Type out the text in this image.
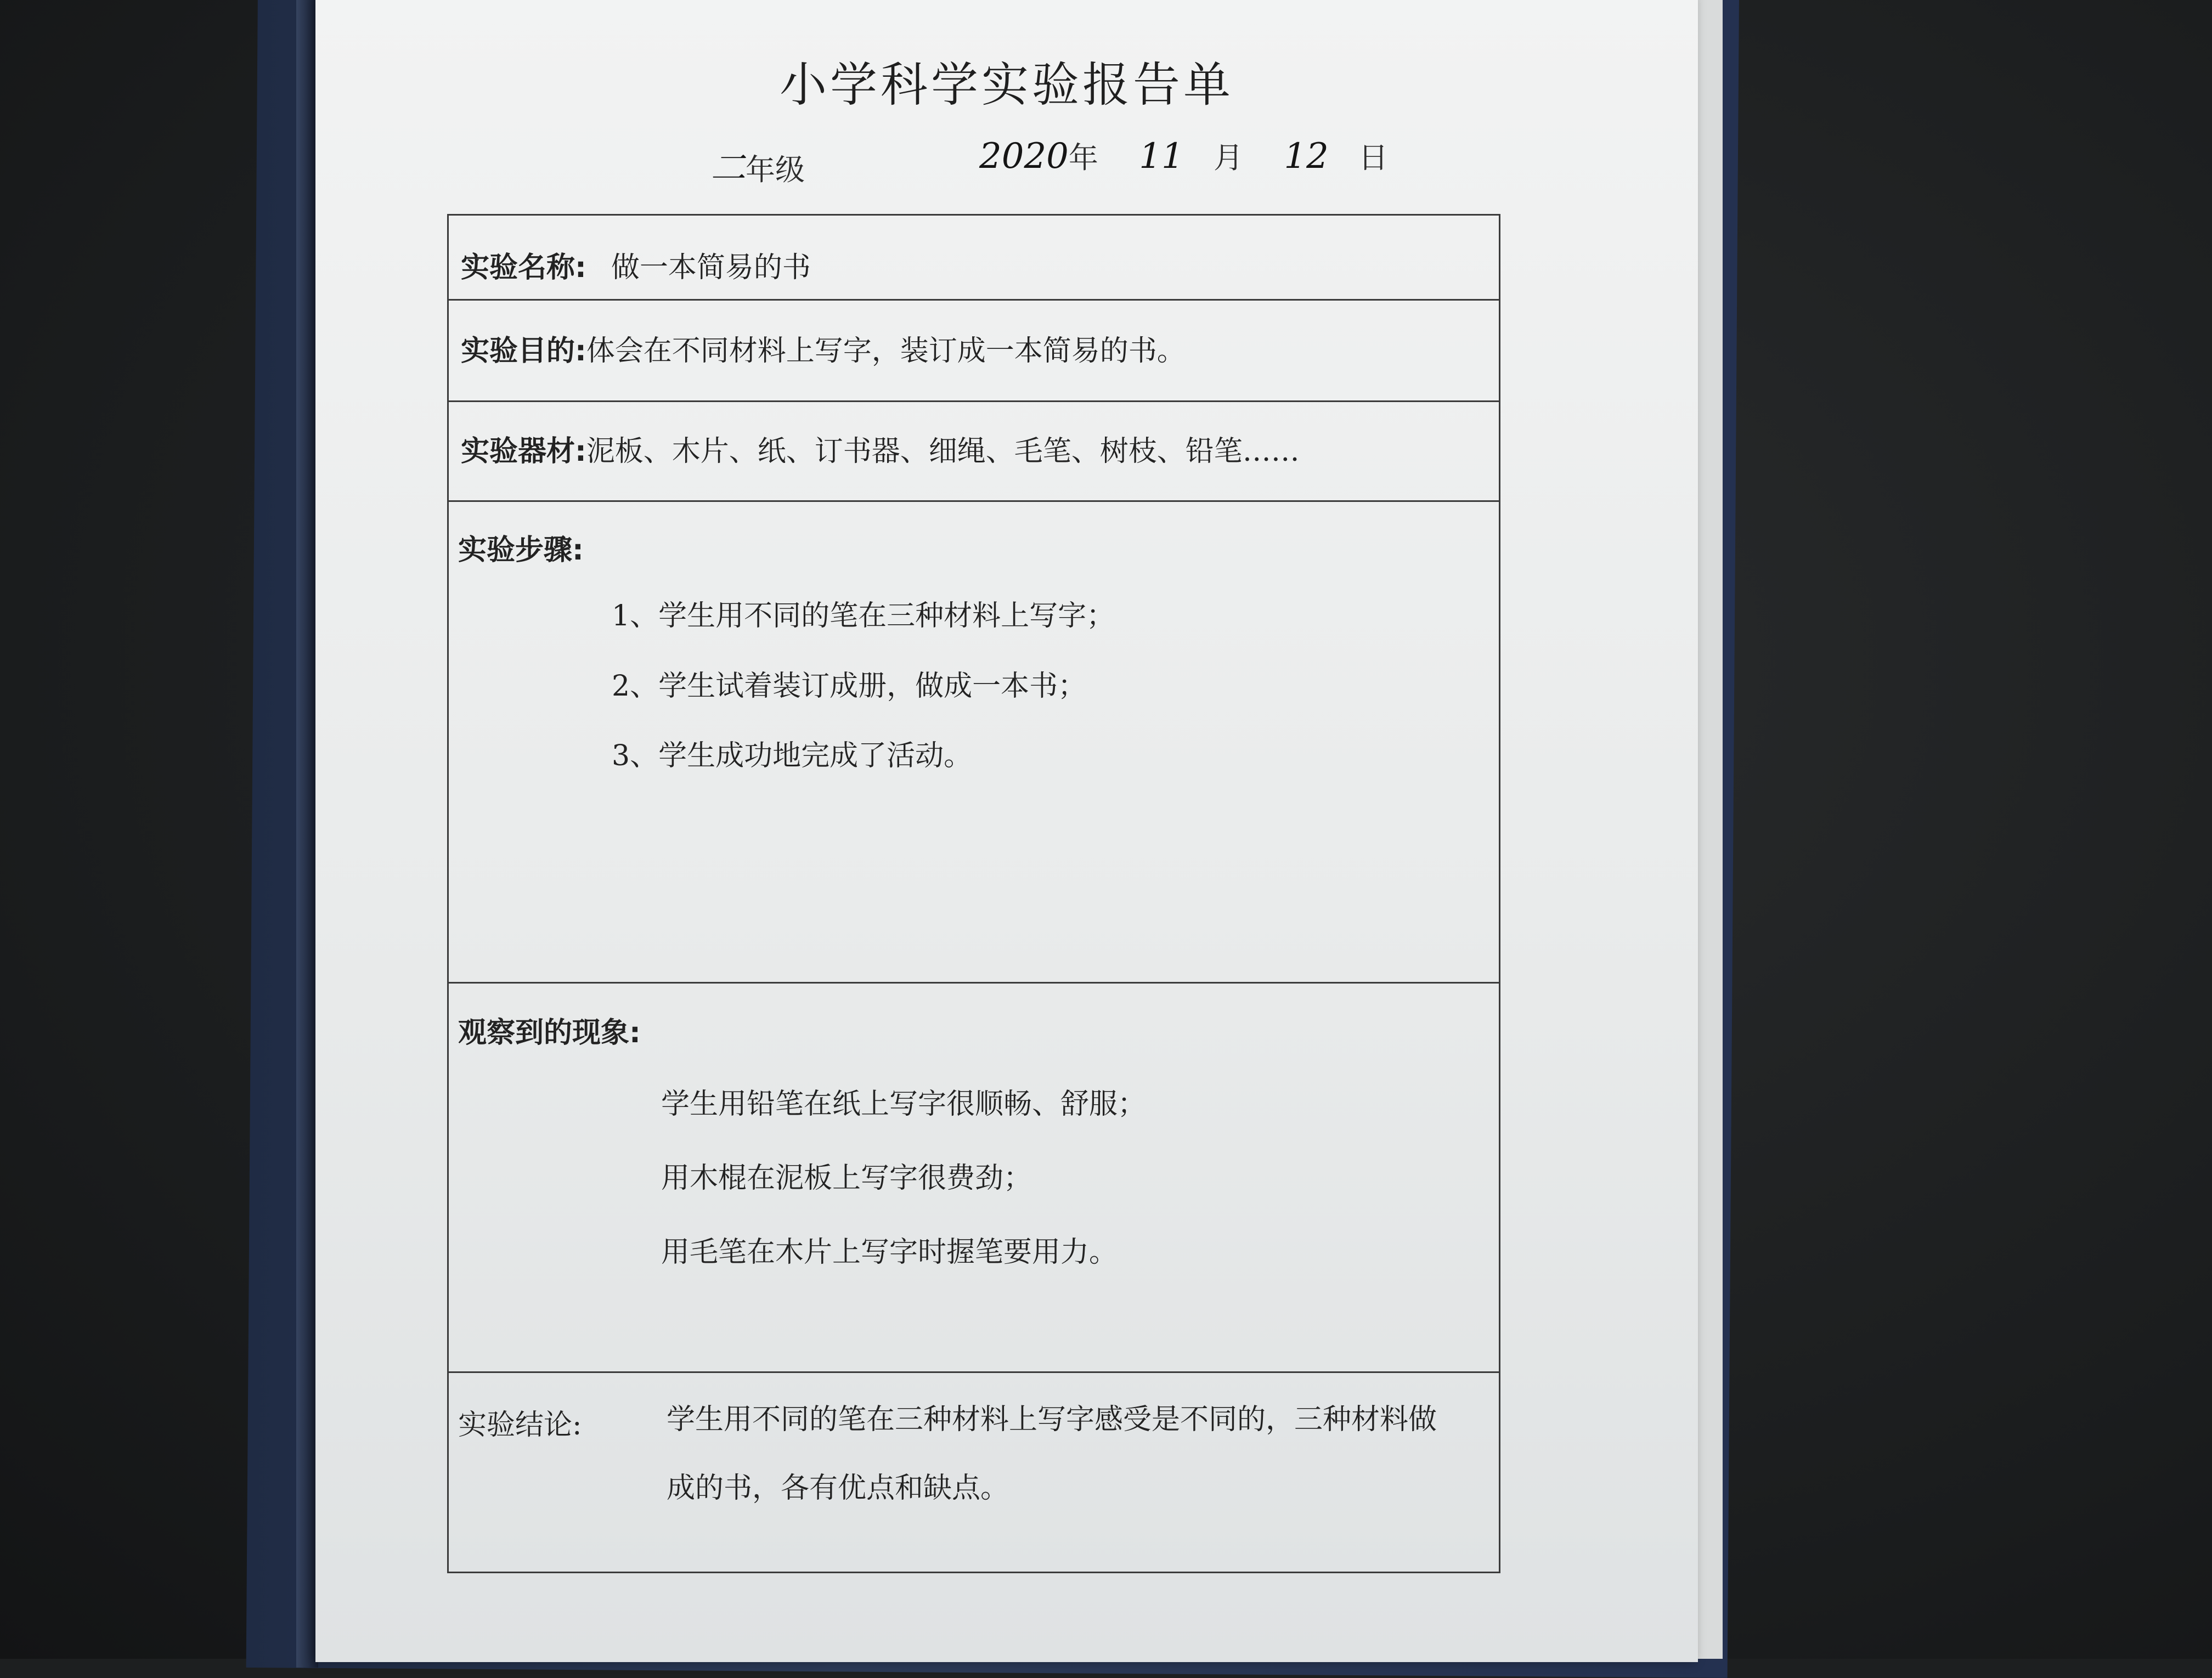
小学科学实验报告单
二年级	2020年 11 月 12 日
实验名称: 做一本简易的书
实验目的:体会在不同材料上写字，装订成一本简易的书。
实验器材:泥板、木片、纸、订书器、细绳、毛笔、树枝、铅笔……
实验步骤:
1、学生用不同的笔在三种材料上写字；
2、学生试着装订成册，做成一本书；
3、学生成功地完成了活动。
观察到的现象:
学生用铅笔在纸上写字很顺畅、舒服；
用木棍在泥板上写字很费劲；
用毛笔在木片上写字时握笔要用力。
实验结论:	学生用不同的笔在三种材料上写字感受是不同的，三种材料做
成的书，各有优点和缺点。
